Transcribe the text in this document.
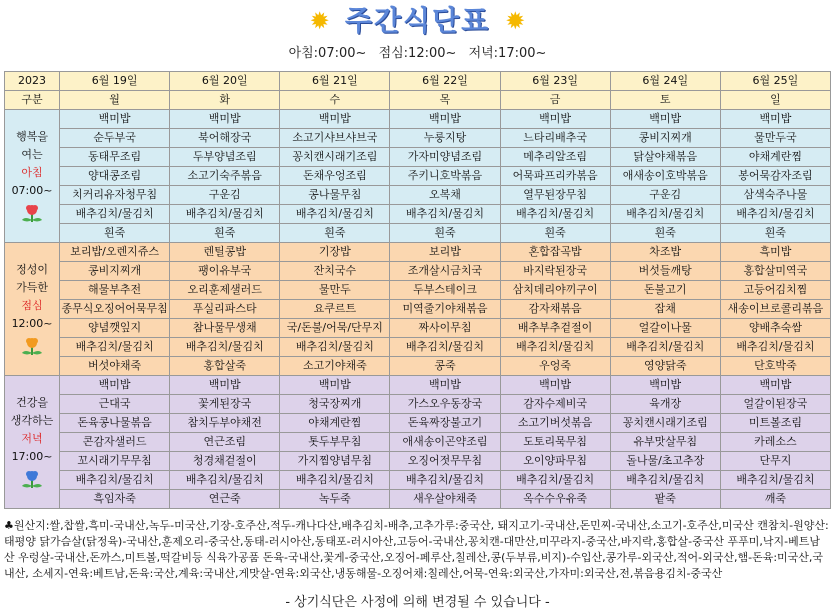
✹ 주간식단표 ✹
아침:07:00~ 점심:12:00~ 저녁:17:00~
2023	6월 19일	6월 20일	6월 21일	6월 22일	6월 23일	6월 24일	6월 25일
구분	월	화	수	목	금	토	일

행복을
여는
아침
07:00~	백미밥	백미밥	백미밥	백미밥	백미밥	백미밥	백미밥
	순두부국	북어해장국	소고기샤브샤브국	누룽지탕	느타리배추국	콩비지찌개	물만두국
	동태무조림	두부양념조림	꽁치캔시래기조림	가자미양념조림	메추리알조림	닭살야채볶음	야채계란찜
	양대콩조림	소고기숙주볶음	돈채우엉조림	주키니호박볶음	어묵파프리카볶음	애새송이호박볶음	봉어묵감자조림
	치커리유자청무침	구운김	콩나물무침	오복채	열무된장무침	구운김	삼색숙주나물
	배추김치/물김치	배추김치/물김치	배추김치/물김치	배추김치/물김치	배추김치/물김치	배추김치/물김치	배추김치/물김치
	흰죽	흰죽	흰죽	흰죽	흰죽	흰죽	흰죽

정성이
가득한
점심
12:00~	보리밥/오렌지쥬스	렌틸콩밥	기장밥	보리밥	혼합잡곡밥	차조밥	흑미밥
	콩비지찌개	팽이유부국	잔치국수	조개살시금치국	바지락된장국	버섯들깨탕	홍합살미역국
	해물부추전	오리훈제샐러드	물만두	두부스테이크	삼치데리야끼구이	돈불고기	고등어김치찜
	종무식오징어어묵무침	푸실리파스타	요쿠르트	미역줄기야채볶음	감자채볶음	잡채	새송이브로콜리볶음
	양념깻잎지	참나물무생채	국/돈불/어묵/단무지	짜사이무침	배추부추겉절이	얼갈이나물	양배추숙쌈
	배추김치/물김치	배추김치/물김치	배추김치/물김치	배추김치/물김치	배추김치/물김치	배추김치/물김치	배추김치/물김치
	버섯야채죽	홍합살죽	소고기야채죽	콩죽	우엉죽	영양닭죽	단호박죽

건강을
생각하는
저녁
17:00~	백미밥	백미밥	백미밥	백미밥	백미밥	백미밥	백미밥
	근대국	꽃게된장국	청국장찌개	가스오우동장국	감자수제비국	육개장	얼갈이된장국
	돈육콩나물볶음	참치두부야채전	야채계란찜	돈육짜장불고기	소고기버섯볶음	꽁치캔시래기조림	미트볼조림
	콘감자샐러드	연근조림	톳두부무침	애새송이곤약조림	도토리묵무침	유부맛살무침	카레소스
	꼬시래기무무침	청경채겉절이	가지찜양념무침	오징어젓무무침	오이양파무침	돌나물/초고추장	단무지
	배추김치/물김치	배추김치/물김치	배추김치/물김치	배추김치/물김치	배추김치/물김치	배추김치/물김치	배추김치/물김치
	흑임자죽	연근죽	녹두죽	새우살야채죽	옥수수우유죽	팥죽	깨죽
♣원산지:쌀,찹쌀,흑미-국내산,녹두-미국산,기장-호주산,적두-캐나다산,배추김치-배추,고추가루:중국산, 돼지고기-국내산,돈민찌-국내산,소고기-호주산,미국산 캔참치-원양산:태평양 닭가슴살(닭정육)-국내산,훈제오리-중국산,동태-러시아산,동태포-러시아산,고등어-국내산,꽁치캔-대만산,미꾸라지-중국산,바지락,홍합살-중국산 푸푸미,낙지-베트남산 우렁살-국내산,돈까스,미트볼,떡갈비등 식육가공품 돈육-국내산,꽃게-중국산,오징어-페루산,칠레산,콩(두부류,비지)-수입산,콩가루-외국산,적어-외국산,햄-돈육:미국산,국내산, 소세지-연육:베트남,돈육:국산,계육:국내산,게맛살-연육:외국산,냉동해물-오징어채:칠레산,어묵-연육:외국산,가자미:외국산,전,볶음용김치-중국산
- 상기식단은 사정에 의해 변경될 수 있습니다 -
